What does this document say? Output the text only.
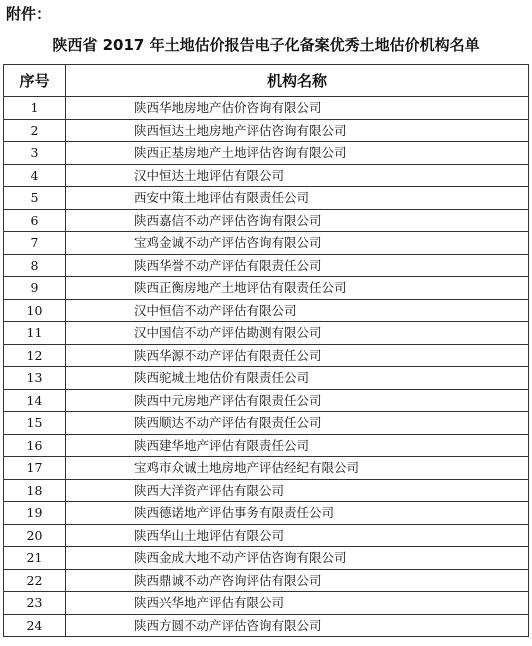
附件：
陕西省 2017 年土地估价报告电子化备案优秀土地估价机构名单
序号	机构名称
1	陕西华地房地产估价咨询有限公司
2	陕西恒达土地房地产评估咨询有限公司
3	陕西正基房地产土地评估咨询有限公司
4	汉中恒达土地评估有限公司
5	西安中策土地评估有限责任公司
6	陕西嘉信不动产评估咨询有限公司
7	宝鸡金诚不动产评估咨询有限公司
8	陕西华誉不动产评估有限责任公司
9	陕西正衡房地产土地评估有限责任公司
10	汉中恒信不动产评估有限公司
11	汉中国信不动产评估勘测有限公司
12	陕西华源不动产评估有限责任公司
13	陕西驼城土地估价有限责任公司
14	陕西中元房地产评估有限责任公司
15	陕西顺达不动产评估有限责任公司
16	陕西建华地产评估有限责任公司
17	宝鸡市众诚土地房地产评估经纪有限公司
18	陕西大洋资产评估有限公司
19	陕西德诺地产评估事务有限责任公司
20	陕西华山土地评估有限公司
21	陕西金成大地不动产评估咨询有限公司
22	陕西鼎诚不动产咨询评估有限公司
23	陕西兴华地产评估有限公司
24	陕西方圆不动产评估咨询有限公司
